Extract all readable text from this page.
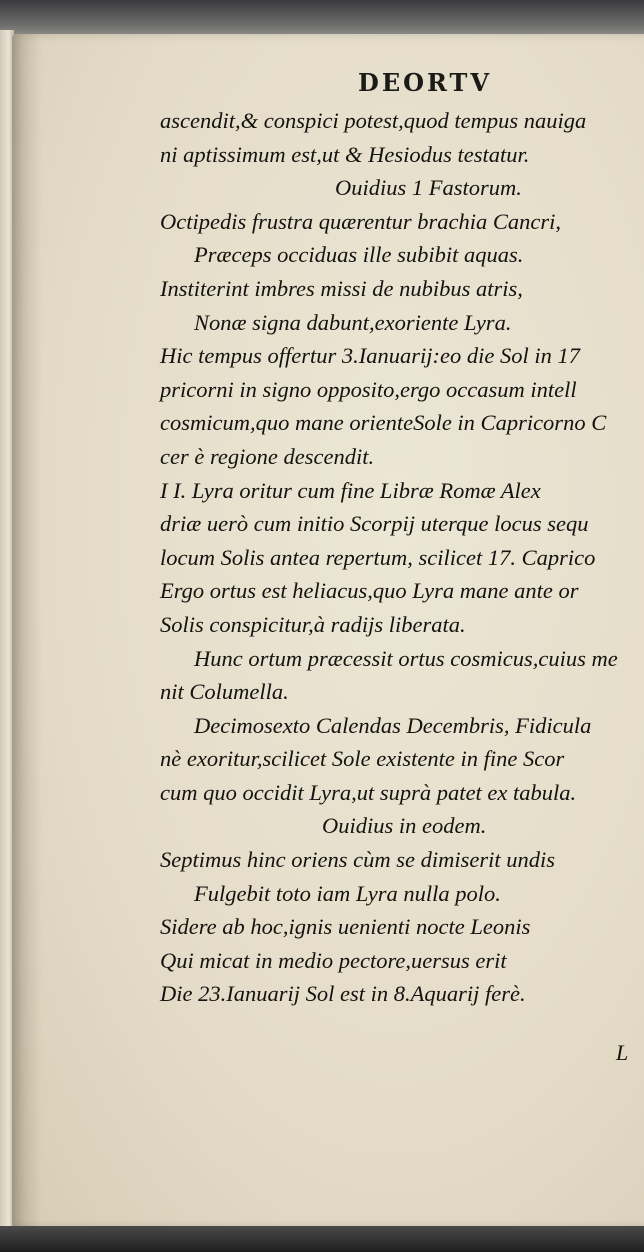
DEORTV
ascendit,& conspici potest,quod tempus nauiga
ni aptissimum est,ut & Hesiodus testatur.
Ouidius 1 Fastorum.
Octipedis frustra quærentur brachia Cancri,
Præceps occiduas ille subibit aquas.
Institerint imbres missi de nubibus atris,
Nonæ signa dabunt,exoriente Lyra.
Hic tempus offertur 3.Ianuarij:eo die Sol in 17
pricorni in signo opposito,ergo occasum intell
cosmicum,quo mane orienteSole in Capricorno C
cer è regione descendit.
I I. Lyra oritur cum fine Libræ Romæ Alex
driæ uerò cum initio Scorpij uterque locus sequ
locum Solis antea repertum, scilicet 17. Caprico
Ergo ortus est heliacus,quo Lyra mane ante or
Solis conspicitur,à radijs liberata.
Hunc ortum præcessit ortus cosmicus,cuius me
nit Columella.
Decimosexto Calendas Decembris, Fidicula
nè exoritur,scilicet Sole existente in fine Scor
cum quo occidit Lyra,ut suprà patet ex tabula.
Ouidius in eodem.
Septimus hinc oriens cùm se dimiserit undis
Fulgebit toto iam Lyra nulla polo.
Sidere ab hoc,ignis uenienti nocte Leonis
Qui micat in medio pectore,uersus erit
Die 23.Ianuarij Sol est in 8.Aquarij ferè.
L
